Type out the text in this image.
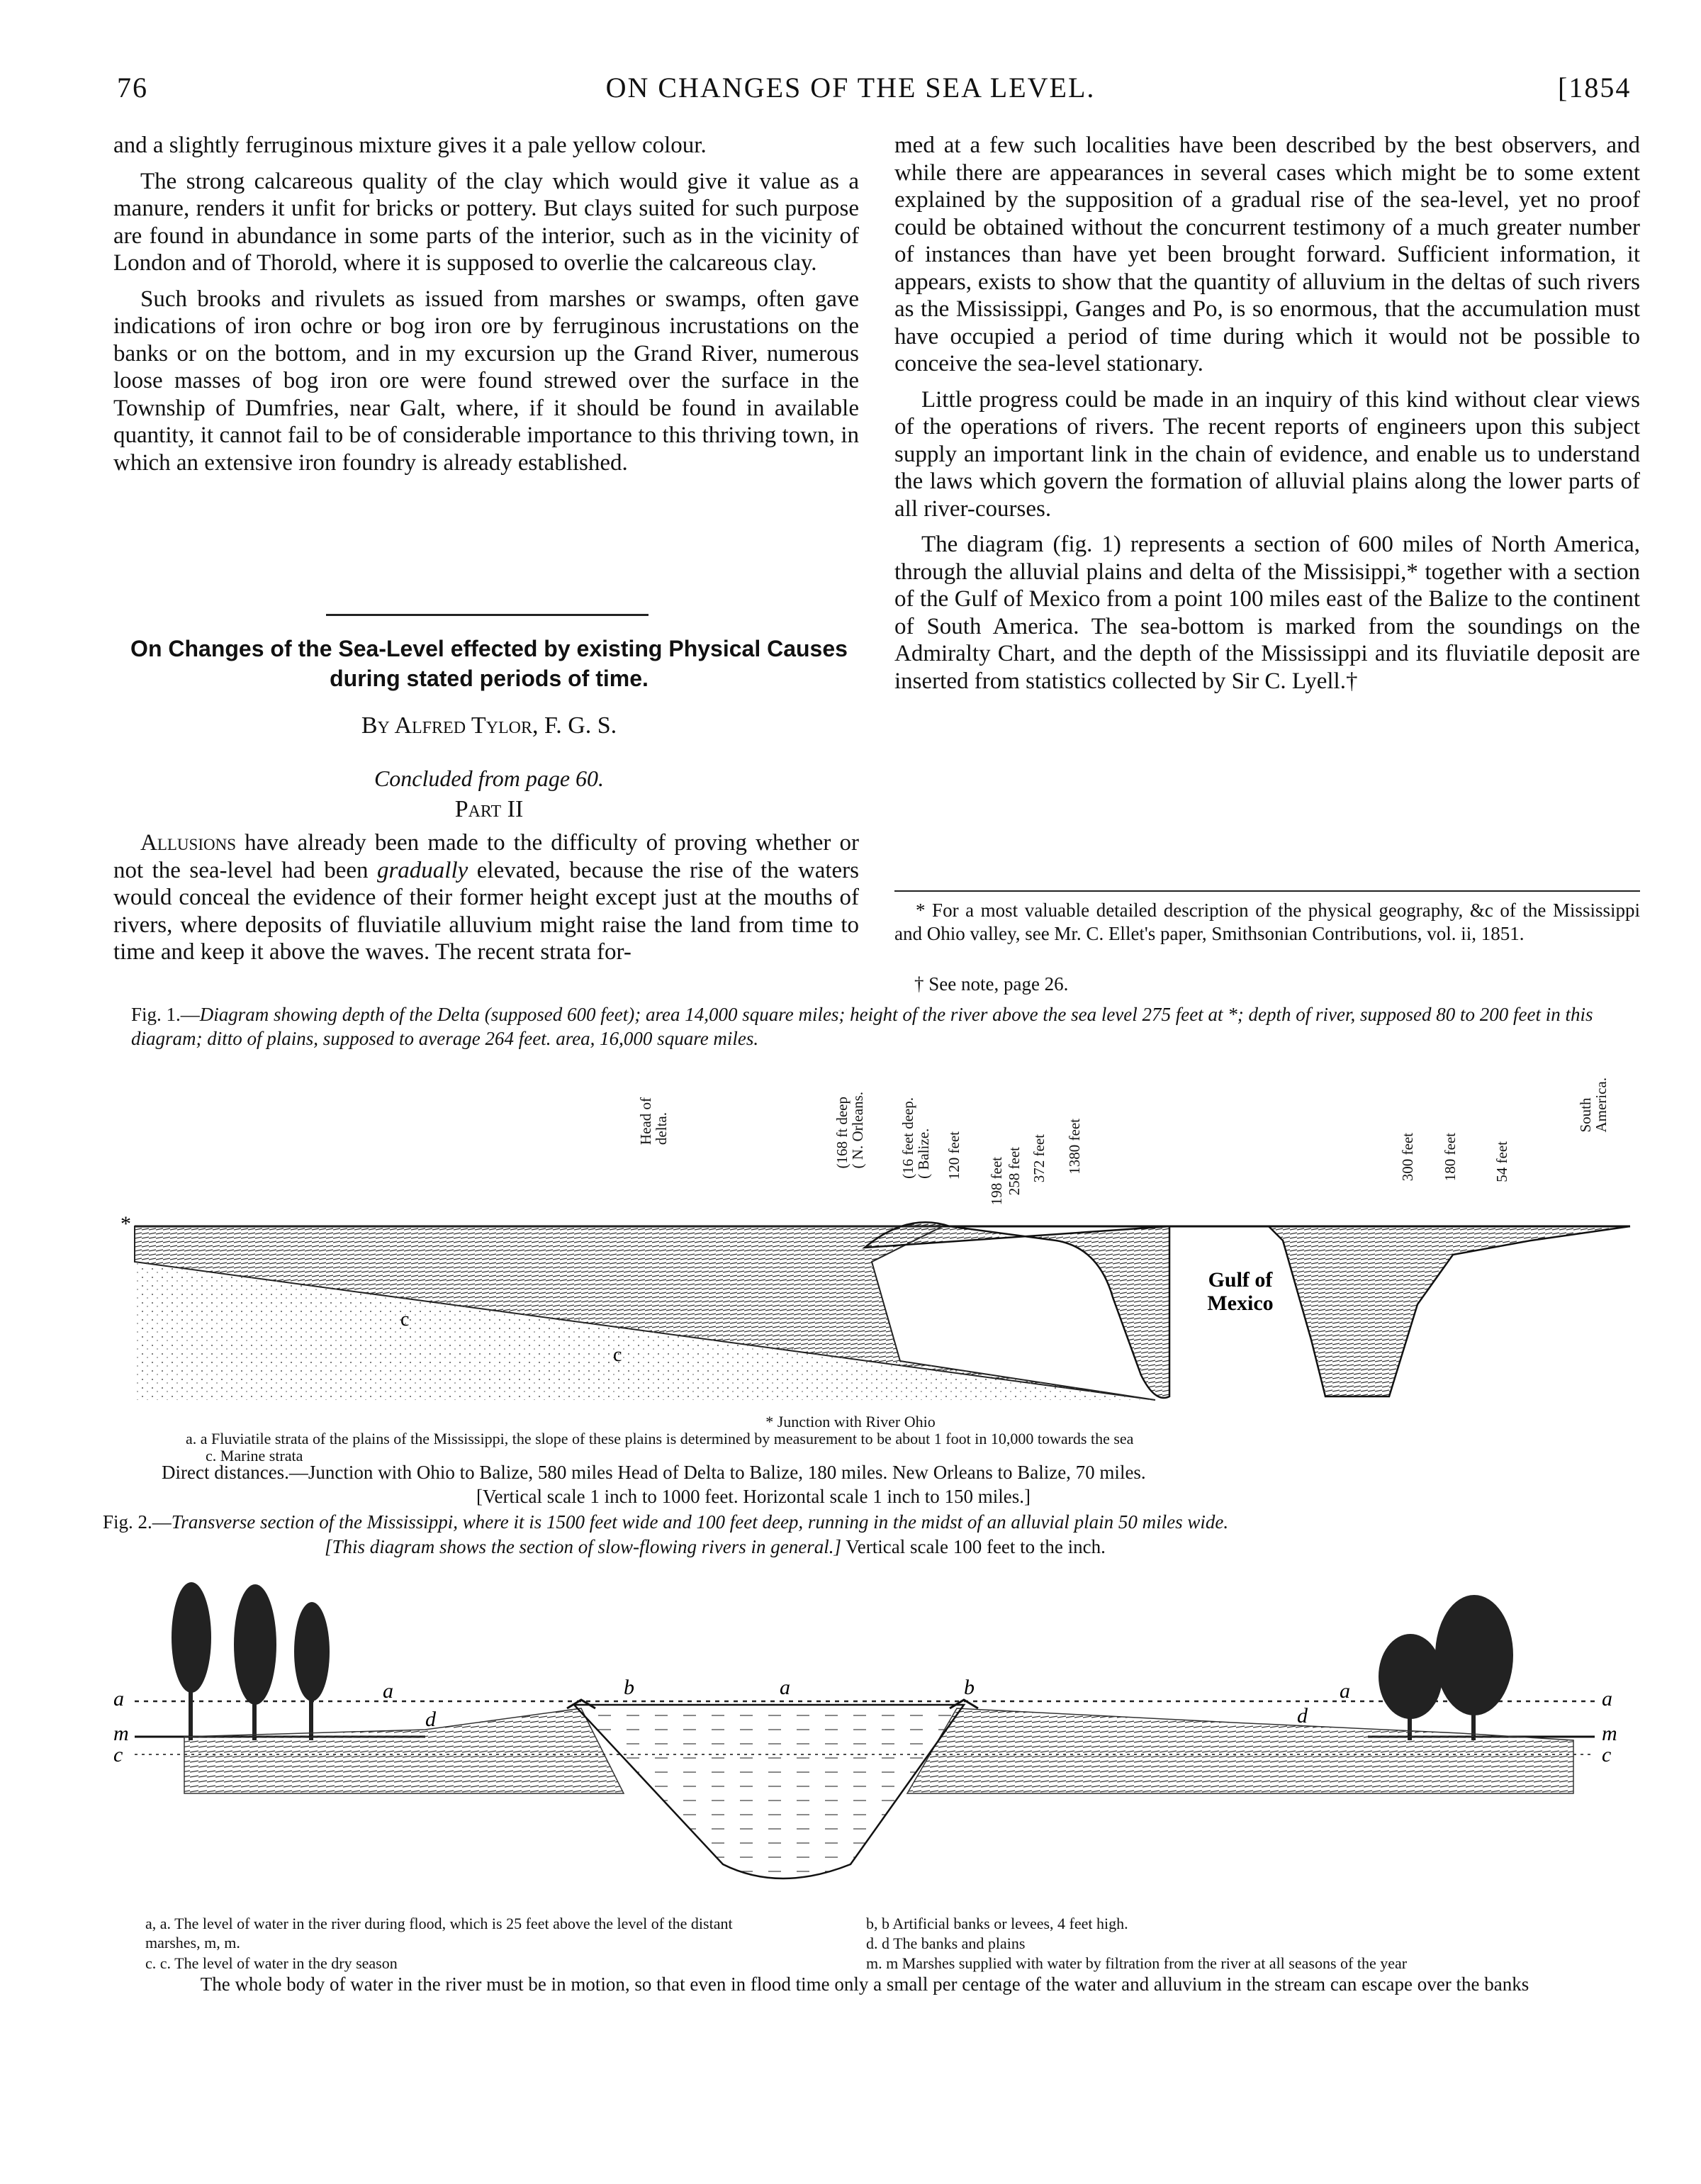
76	ON CHANGES OF THE SEA LEVEL.	[1854

and a slightly ferruginous mixture gives it a pale yellow colour.

The strong calcareous quality of the clay which would give it value as a manure, renders it unfit for bricks or pottery. But clays suited for such purpose are found in abundance in some parts of the interior, such as in the vicinity of London and of Thorold, where it is supposed to overlie the calcareous clay.

Such brooks and rivulets as issued from marshes or swamps, often gave indications of iron ochre or bog iron ore by ferruginous incrustations on the banks or on the bottom, and in my excursion up the Grand River, numerous loose masses of bog iron ore were found strewed over the surface in the Township of Dumfries, near Galt, where, if it should be found in available quantity, it cannot fail to be of considerable importance to this thriving town, in which an extensive iron foundry is already established.

On Changes of the Sea-Level effected by existing Physical Causes during stated periods of time.
By Alfred Tylor, F. G. S.
Concluded from page 60.
Part II

Allusions have already been made to the difficulty of proving whether or not the sea-level had been gradually elevated, because the rise of the waters would conceal the evidence of their former height except just at the mouths of rivers, where deposits of fluviatile alluvium might raise the land from time to time and keep it above the waves. The recent strata for-

med at a few such localities have been described by the best observers, and while there are appearances in several cases which might be to some extent explained by the supposition of a gradual rise of the sea-level, yet no proof could be obtained without the concurrent testimony of a much greater number of instances than have yet been brought forward. Sufficient information, it appears, exists to show that the quantity of alluvium in the deltas of such rivers as the Mississippi, Ganges and Po, is so enormous, that the accumulation must have occupied a period of time during which it would not be possible to conceive the sea-level stationary.

Little progress could be made in an inquiry of this kind without clear views of the operations of rivers. The recent reports of engineers upon this subject supply an important link in the chain of evidence, and enable us to understand the laws which govern the formation of alluvial plains along the lower parts of all river-courses.

The diagram (fig. 1) represents a section of 600 miles of North America, through the alluvial plains and delta of the Missisippi,* together with a section of the Gulf of Mexico from a point 100 miles east of the Balize to the continent of South America. The sea-bottom is marked from the soundings on the Admiralty Chart, and the depth of the Mississippi and its fluviatile deposit are inserted from statistics collected by Sir C. Lyell.†

* For a most valuable detailed description of the physical geography, &c of the Mississippi and Ohio valley, see Mr. C. Ellet's paper, Smithsonian Contributions, vol. ii, 1851.
† See note, page 26.
Fig. 1.—Diagram showing depth of the Delta (supposed 600 feet); area 14,000 square miles; height of the river above the sea level 275 feet at *; depth of river, supposed 80 to 200 feet in this diagram; ditto of plains, supposed to average 264 feet. area, 16,000 square miles.
Head of
delta.
(168 ft deep
( N. Orleans.
(16 feet deep.
( Balize. 120 feet
198 feet 258 feet 372 feet 1380 feet	300 feet 180 feet 54 feet
South
America.
Gulf of Mexico
*
c
c
* Junction with River Ohio
a. a Fluviatile strata of the plains of the Mississippi, the slope of these plains is determined by measurement to be about 1 foot in 10,000 towards the sea
c. Marine strata
Direct distances.—Junction with Ohio to Balize, 580 miles Head of Delta to Balize, 180 miles. New Orleans to Balize, 70 miles.
[Vertical scale 1 inch to 1000 feet. Horizontal scale 1 inch to 150 miles.]
Fig. 2.—Transverse section of the Mississippi, where it is 1500 feet wide and 100 feet deep, running in the midst of an alluvial plain 50 miles wide.
[This diagram shows the section of slow-flowing rivers in general.] Vertical scale 100 feet to the inch.
a
m
c
a
d
b	a	b
d
a	a
m
c
a, a. The level of water in the river during flood, which is 25 feet above the level of the distant marshes, m, m.
c. c. The level of water in the dry season
b, b Artificial banks or levees, 4 feet high.
d. d The banks and plains
m. m Marshes supplied with water by filtration from the river at all seasons of the year
The whole body of water in the river must be in motion, so that even in flood time only a small per centage of the water and alluvium in the stream can escape over the banks
